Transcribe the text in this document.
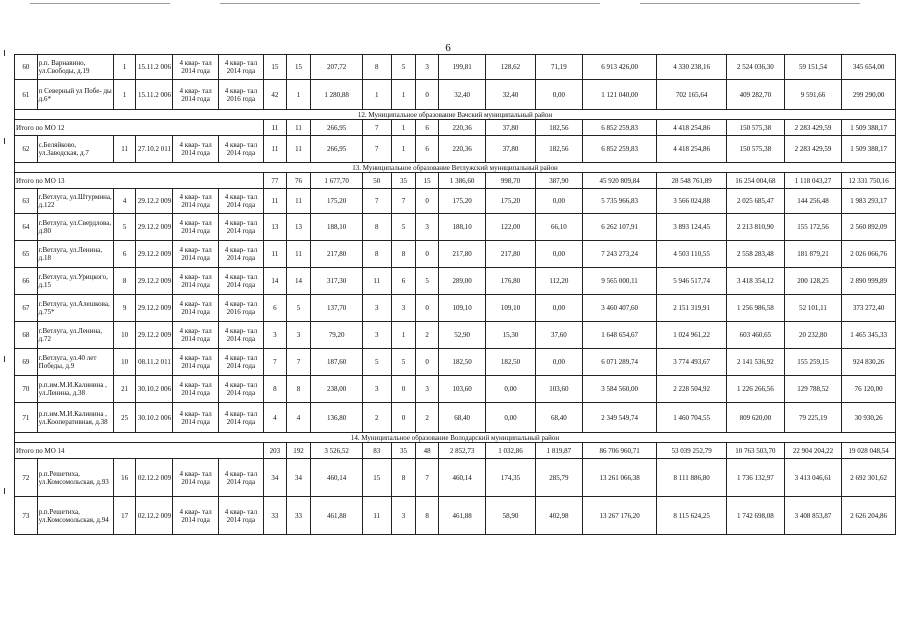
6
60	р.п. Варнавино, ул.Свободы, д.19	1	15.11.2 006	4 квар- тал 2014 года	4 квар- тал 2014 года	15	15	207,72	8	5	3	199,81	128,62	71,19	6 913 426,00	4 330 238,16	2 524 036,30	59 151,54	345 654,00
61	п Северный ул Побе- ды д.6*	1	15.11.2 006	4 квар- тал 2014 года	4 квар- тал 2016 года	42	1	1 280,88	1	1	0	32,40	32,40	0,00	1 121 040,00	702 165,64	409 282,70	9 591,66	299 290,00
12. Муниципальное образование Вачский муниципальный район																			
Итого по МО 12						11	11	266,95	7	1	6	220,36	37,80	182,56	6 852 259,83	4 418 254,86	150 575,38	2 283 429,59	1 509 388,17
62	с.Беляйково, ул.Заводская, д.7	11	27.10.2 011	4 квар- тал 2014 года	4 квар- тал 2014 года	11	11	266,95	7	1	6	220,36	37,80	182,56	6 852 259,83	4 418 254,86	150 575,38	2 283 429,59	1 509 388,17
13. Муниципальное образование Ветлужский муниципальный район																			
Итого по МО 13						77	76	1 677,70	50	35	15	1 386,60	998,70	387,90	45 920 809,84	28 548 761,89	16 254 004,68	1 118 043,27	12 331 750,16
63	г.Ветлуга, ул.Штурмина, д.122	4	29.12.2 009	4 квар- тал 2014 года	4 квар- тал 2014 года	11	11	175,20	7	7	0	175,20	175,20	0,00	5 735 966,83	3 566 024,88	2 025 685,47	144 256,48	1 983 293,17
64	г.Ветлуга, ул.Свердлова, д.80	5	29.12.2 009	4 квар- тал 2014 года	4 квар- тал 2014 года	13	13	188,10	8	5	3	188,10	122,00	66,10	6 262 107,91	3 893 124,45	2 213 810,90	155 172,56	2 560 892,09
65	г.Ветлуга, ул.Ленина, д.18	6	29.12.2 009	4 квар- тал 2014 года	4 квар- тал 2014 года	11	11	217,80	8	8	0	217,80	217,80	0,00	7 243 273,24	4 503 110,55	2 558 283,48	181 879,21	2 026 066,76
66	г.Ветлуга, ул.Урицкого, д.15	8	29.12.2 009	4 квар- тал 2014 года	4 квар- тал 2014 года	14	14	317,30	11	6	5	289,00	176,80	112,20	9 565 000,11	5 946 517,74	3 418 354,12	200 128,25	2 890 999,89
67	г.Ветлуга, ул.Алешкова, д.75*	9	29.12.2 009	4 квар- тал 2014 года	4 квар- тал 2016 года	6	5	137,70	3	3	0	109,10	109,10	0,00	3 460 407,60	2 151 319,91	1 256 986,58	52 101,11	373 272,40
68	г.Ветлуга, ул.Ленина, д.72	10	29.12.2 009	4 квар- тал 2014 года	4 квар- тал 2014 года	3	3	79,20	3	1	2	52,90	15,30	37,60	1 648 654,67	1 024 961,22	603 460,65	20 232,80	1 465 345,33
69	г.Ветлуга, ул.40 лет Победы, д.9	10	08.11.2 011	4 квар- тал 2014 года	4 квар- тал 2014 года	7	7	187,60	5	5	0	182,50	182,50	0,00	6 071 289,74	3 774 493,67	2 141 536,92	155 259,15	924 830,26
70	р.п.им.М.И.Калинина , ул.Ленина, д.38	21	30.10.2 006	4 квар- тал 2014 года	4 квар- тал 2014 года	8	8	238,00	3	0	3	103,60	0,00	103,60	3 584 560,00	2 228 504,92	1 226 266,56	129 788,52	76 120,00
71	р.п.им.М.И.Калинина , ул.Кооперативная, д.38	25	30.10.2 006	4 квар- тал 2014 года	4 квар- тал 2014 года	4	4	136,80	2	0	2	68,40	0,00	68,40	2 349 549,74	1 460 704,55	809 620,00	79 225,19	30 930,26
14. Муниципальное образование Володарский муниципальный район																			
Итого по МО 14						203	192	3 526,52	83	35	48	2 852,73	1 032,86	1 819,87	86 706 960,71	53 039 252,79	10 763 503,70	22 904 204,22	19 028 048,54
72	р.п.Решетиха, ул.Комсомольская, д.93	16	02.12.2 009	4 квар- тал 2014 года	4 квар- тал 2014 года	34	34	460,14	15	8	7	460,14	174,35	285,79	13 261 066,38	8 111 886,80	1 736 132,97	3 413 046,61	2 692 301,62
73	р.п.Решетиха, ул.Комсомольская, д.94	17	02.12.2 009	4 квар- тал 2014 года	4 квар- тал 2014 года	33	33	461,88	11	3	8	461,88	58,90	402,98	13 267 176,20	8 115 624,25	1 742 698,08	3 408 853,87	2 626 204,86
